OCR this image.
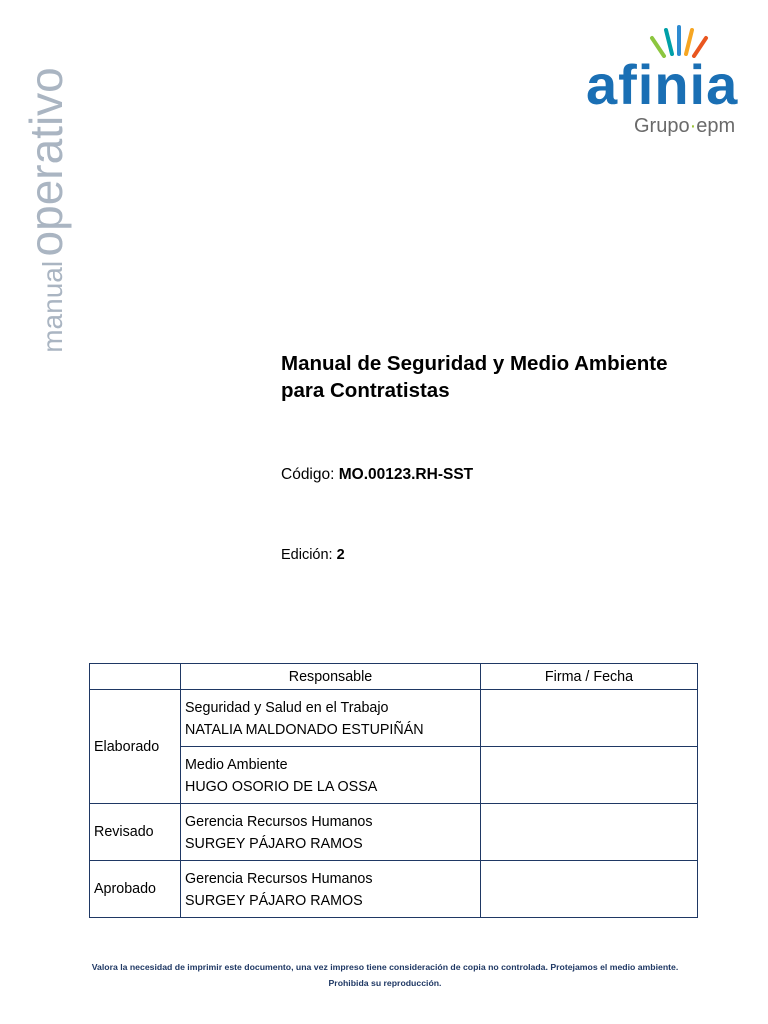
manual operativo	afinia
Grupo·epm
Manual de Seguridad y Medio Ambiente
para Contratistas
Código: MO.00123.RH-SST
Edición: 2
	Responsable	Firma / Fecha
Elaborado	Seguridad y Salud en el Trabajo
NATALIA MALDONADO ESTUPIÑÁN	

	Medio Ambiente
HUGO OSORIO DE LA OSSA	

Revisado	Gerencia Recursos Humanos
SURGEY PÁJARO RAMOS	

Aprobado	Gerencia Recursos Humanos
SURGEY PÁJARO RAMOS	

Valora la necesidad de imprimir este documento, una vez impreso tiene consideración de copia no controlada. Protejamos el medio ambiente.
Prohibida su reproducción.
